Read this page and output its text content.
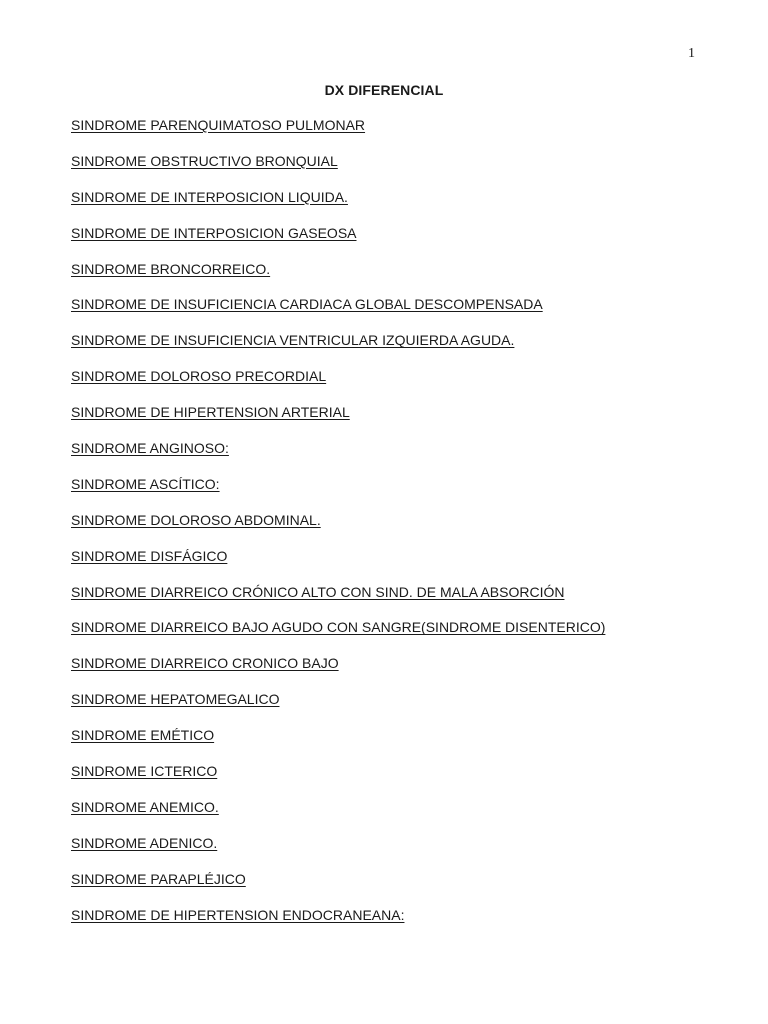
1
DX DIFERENCIAL
SINDROME PARENQUIMATOSO PULMONAR
SINDROME OBSTRUCTIVO BRONQUIAL
SINDROME DE INTERPOSICION LIQUIDA.
SINDROME DE INTERPOSICION GASEOSA
SINDROME BRONCORREICO.
SINDROME DE INSUFICIENCIA CARDIACA GLOBAL DESCOMPENSADA
SINDROME DE INSUFICIENCIA VENTRICULAR IZQUIERDA AGUDA.
SINDROME DOLOROSO PRECORDIAL
SINDROME DE HIPERTENSION ARTERIAL
SINDROME ANGINOSO:
SINDROME ASCÍTICO:
SINDROME DOLOROSO ABDOMINAL.
SINDROME DISFÁGICO
SINDROME DIARREICO CRÓNICO ALTO CON SIND. DE MALA ABSORCIÓN
SINDROME DIARREICO BAJO AGUDO CON SANGRE(SINDROME DISENTERICO)
SINDROME DIARREICO CRONICO BAJO
SINDROME HEPATOMEGALICO
SINDROME EMÉTICO
SINDROME ICTERICO
SINDROME ANEMICO.
SINDROME ADENICO.
SINDROME PARAPLÉJICO
SINDROME DE HIPERTENSION ENDOCRANEANA:
